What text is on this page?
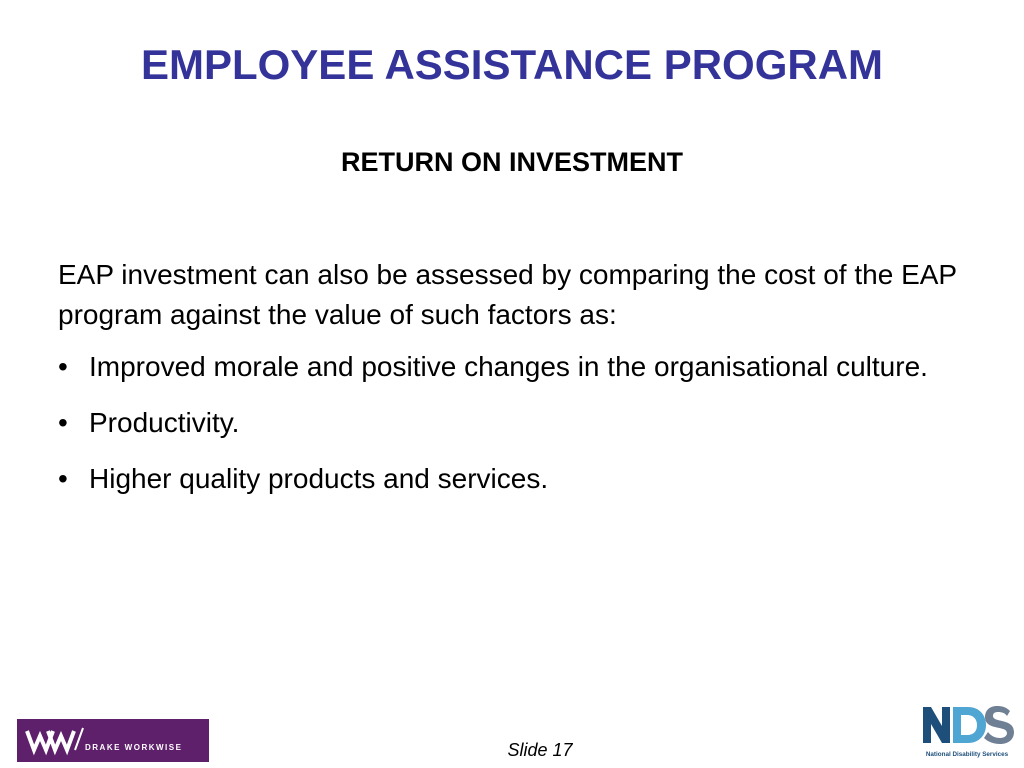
EMPLOYEE ASSISTANCE PROGRAM
RETURN ON INVESTMENT

EAP investment can also be assessed by comparing the cost of the EAP program against the value of such factors as:

• Improved morale and positive changes in the organisational culture.
• Productivity.
• Higher quality products and services.
DRAKE WORKWISE	Slide 17	National Disability Services
